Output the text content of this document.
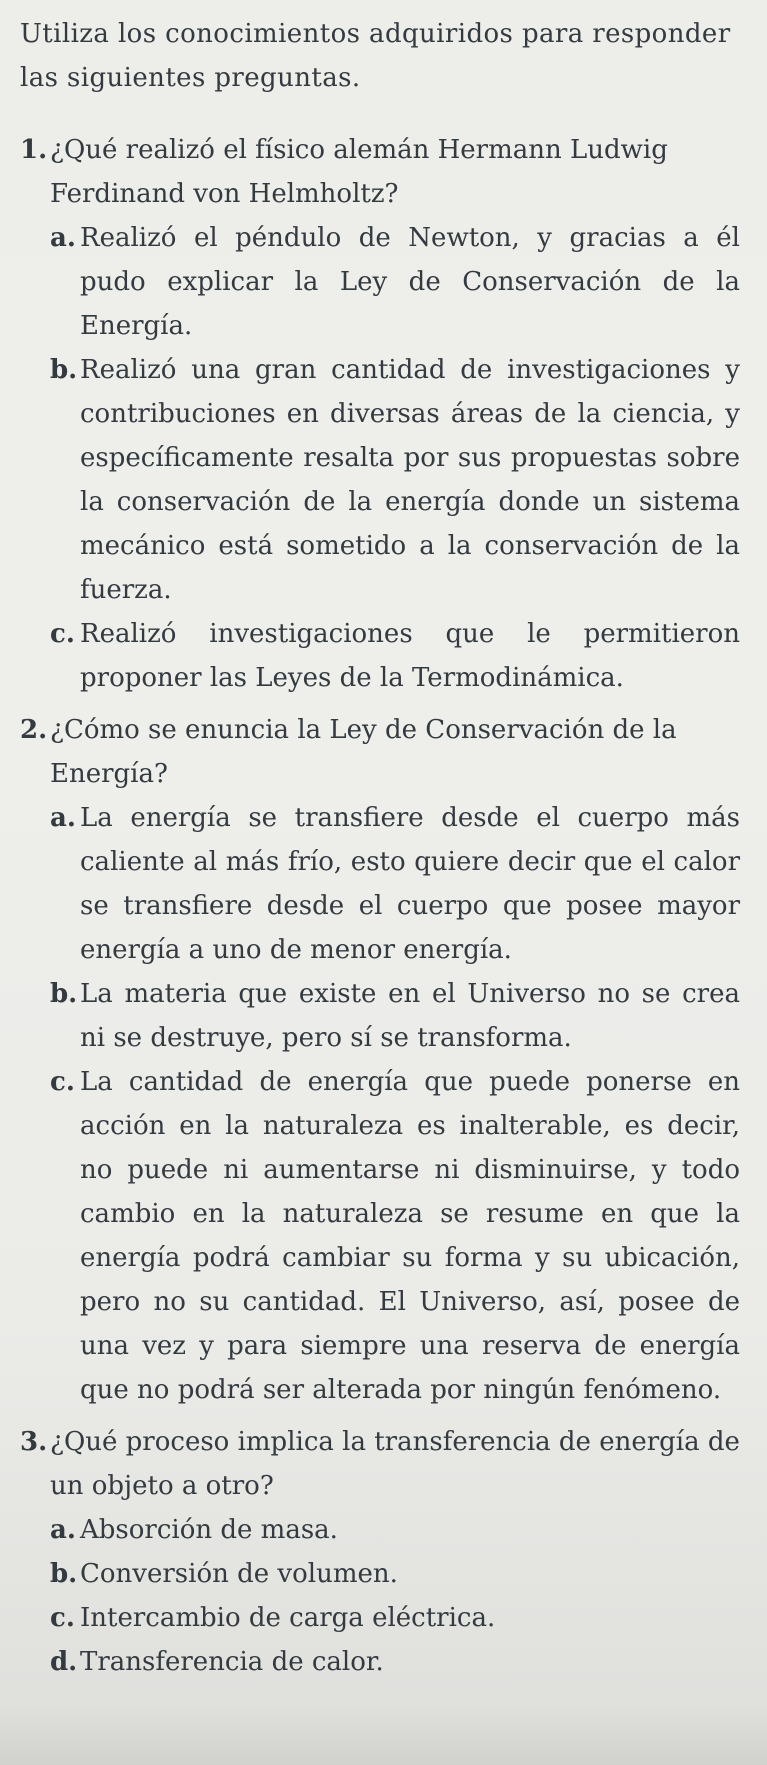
Utiliza los conocimientos adquiridos para responder las siguientes preguntas.

1. ¿Qué realizó el físico alemán Hermann Ludwig Ferdinand von Helmholtz?
a. Realizó el péndulo de Newton, y gracias a él pudo explicar la Ley de Conservación de la Energía.
b. Realizó una gran cantidad de investigaciones y contribuciones en diversas áreas de la ciencia, y específicamente resalta por sus propuestas sobre la conservación de la energía donde un sistema mecánico está sometido a la conservación de la fuerza.
c. Realizó investigaciones que le permitieron proponer las Leyes de la Termodinámica.
2. ¿Cómo se enuncia la Ley de Conservación de la Energía?
a. La energía se transfiere desde el cuerpo más caliente al más frío, esto quiere decir que el calor se transfiere desde el cuerpo que posee mayor energía a uno de menor energía.
b. La materia que existe en el Universo no se crea ni se destruye, pero sí se transforma.
c. La cantidad de energía que puede ponerse en acción en la naturaleza es inalterable, es decir, no puede ni aumentarse ni disminuirse, y todo cambio en la naturaleza se resume en que la energía podrá cambiar su forma y su ubicación, pero no su cantidad. El Universo, así, posee de una vez y para siempre una reserva de energía que no podrá ser alterada por ningún fenómeno.
3. ¿Qué proceso implica la transferencia de energía de un objeto a otro?
a. Absorción de masa.
b. Conversión de volumen.
c. Intercambio de carga eléctrica.
d. Transferencia de calor.
